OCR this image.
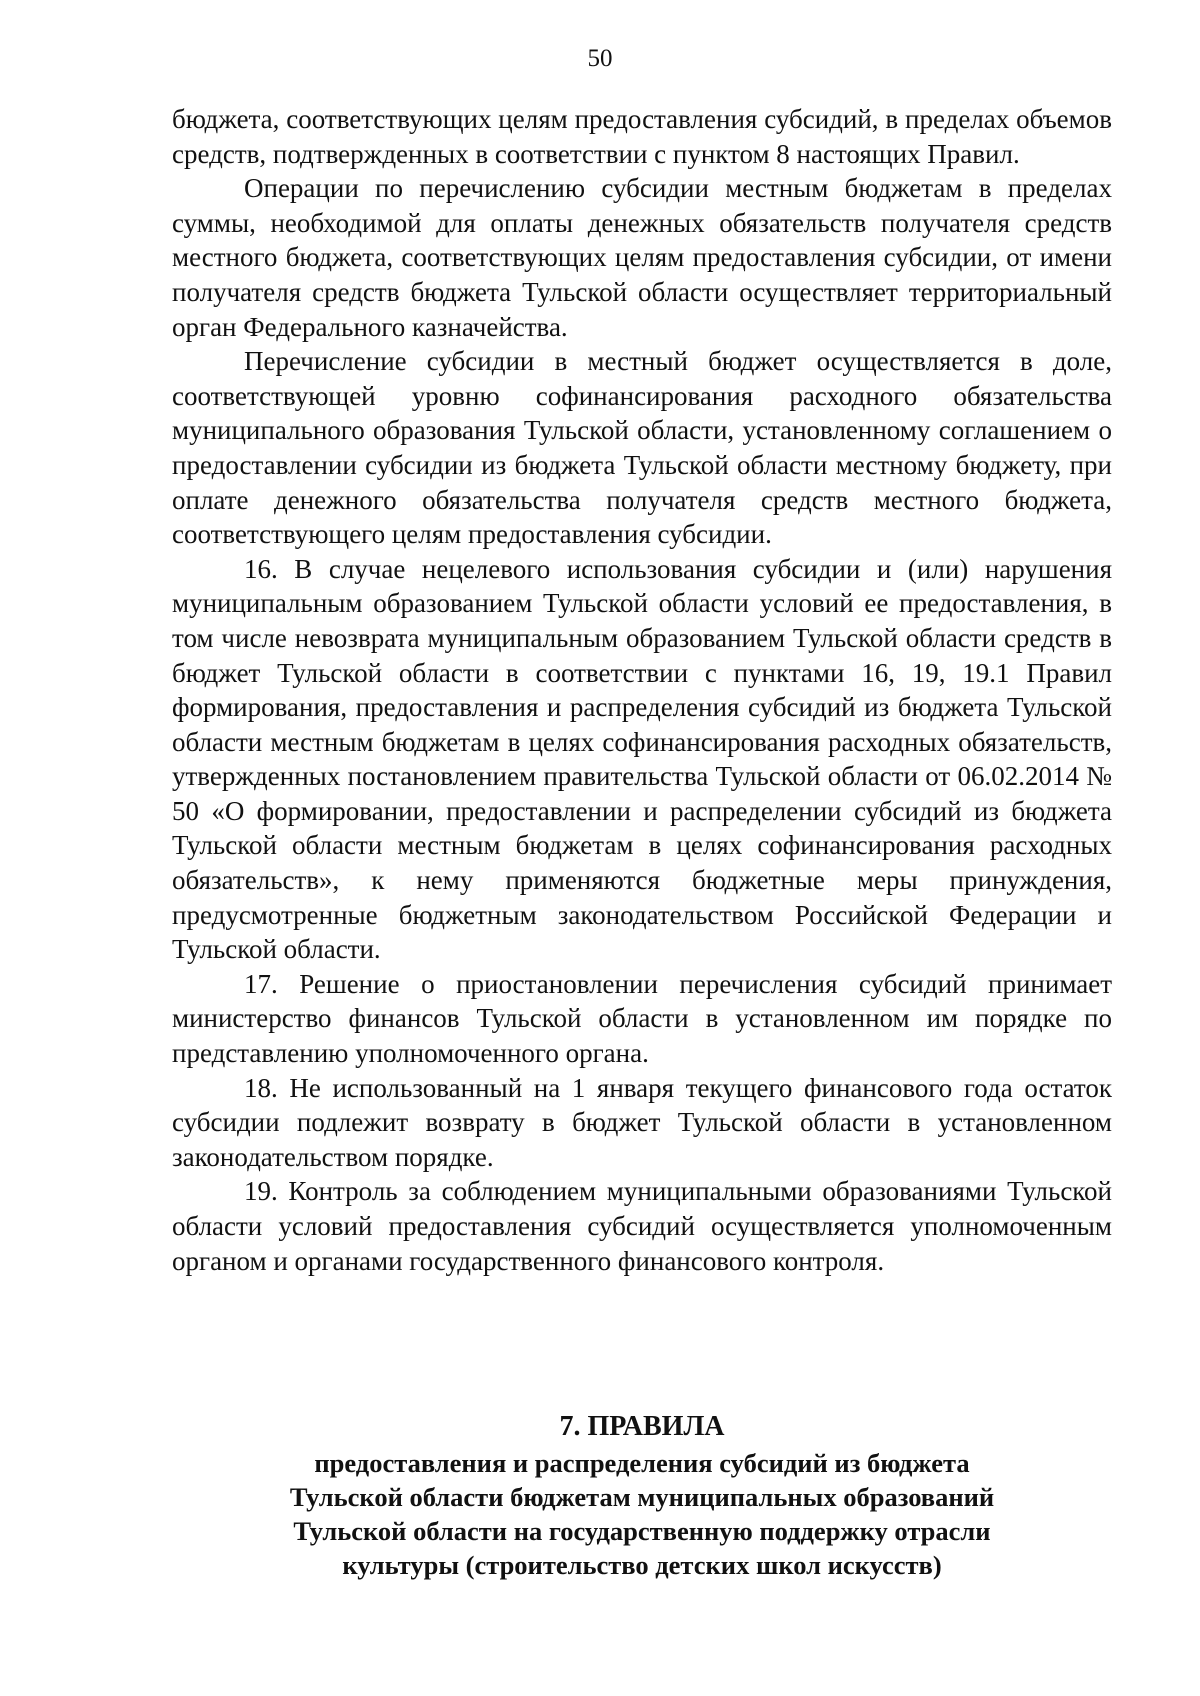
50

бюджета, соответствующих целям предоставления субсидий, в пределах объемов средств, подтвержденных в соответствии с пунктом 8 настоящих Правил.

Операции по перечислению субсидии местным бюджетам в пределах суммы, необходимой для оплаты денежных обязательств получателя средств местного бюджета, соответствующих целям предоставления субсидии, от имени получателя средств бюджета Тульской области осуществляет территориальный орган Федерального казначейства.

Перечисление субсидии в местный бюджет осуществляется в доле, соответствующей уровню софинансирования расходного обязательства муниципального образования Тульской области, установленному соглашением о предоставлении субсидии из бюджета Тульской области местному бюджету, при оплате денежного обязательства получателя средств местного бюджета, соответствующего целям предоставления субсидии.

16. В случае нецелевого использования субсидии и (или) нарушения муниципальным образованием Тульской области условий ее предоставления, в том числе невозврата муниципальным образованием Тульской области средств в бюджет Тульской области в соответствии с пунктами 16, 19, 19.1 Правил формирования, предоставления и распределения субсидий из бюджета Тульской области местным бюджетам в целях софинансирования расходных обязательств, утвержденных постановлением правительства Тульской области от 06.02.2014 № 50 «О формировании, предоставлении и распределении субсидий из бюджета Тульской области местным бюджетам в целях софинансирования расходных обязательств», к нему применяются бюджетные меры принуждения, предусмотренные бюджетным законодательством Российской Федерации и Тульской области.

17. Решение о приостановлении перечисления субсидий принимает министерство финансов Тульской области в установленном им порядке по представлению уполномоченного органа.

18. Не использованный на 1 января текущего финансового года остаток субсидии подлежит возврату в бюджет Тульской области в установленном законодательством порядке.

19. Контроль за соблюдением муниципальными образованиями Тульской области условий предоставления субсидий осуществляется уполномоченным органом и органами государственного финансового контроля.

7. ПРАВИЛА

предоставления и распределения субсидий из бюджета

Тульской области бюджетам муниципальных образований

Тульской области на государственную поддержку отрасли

культуры (строительство детских школ искусств)
